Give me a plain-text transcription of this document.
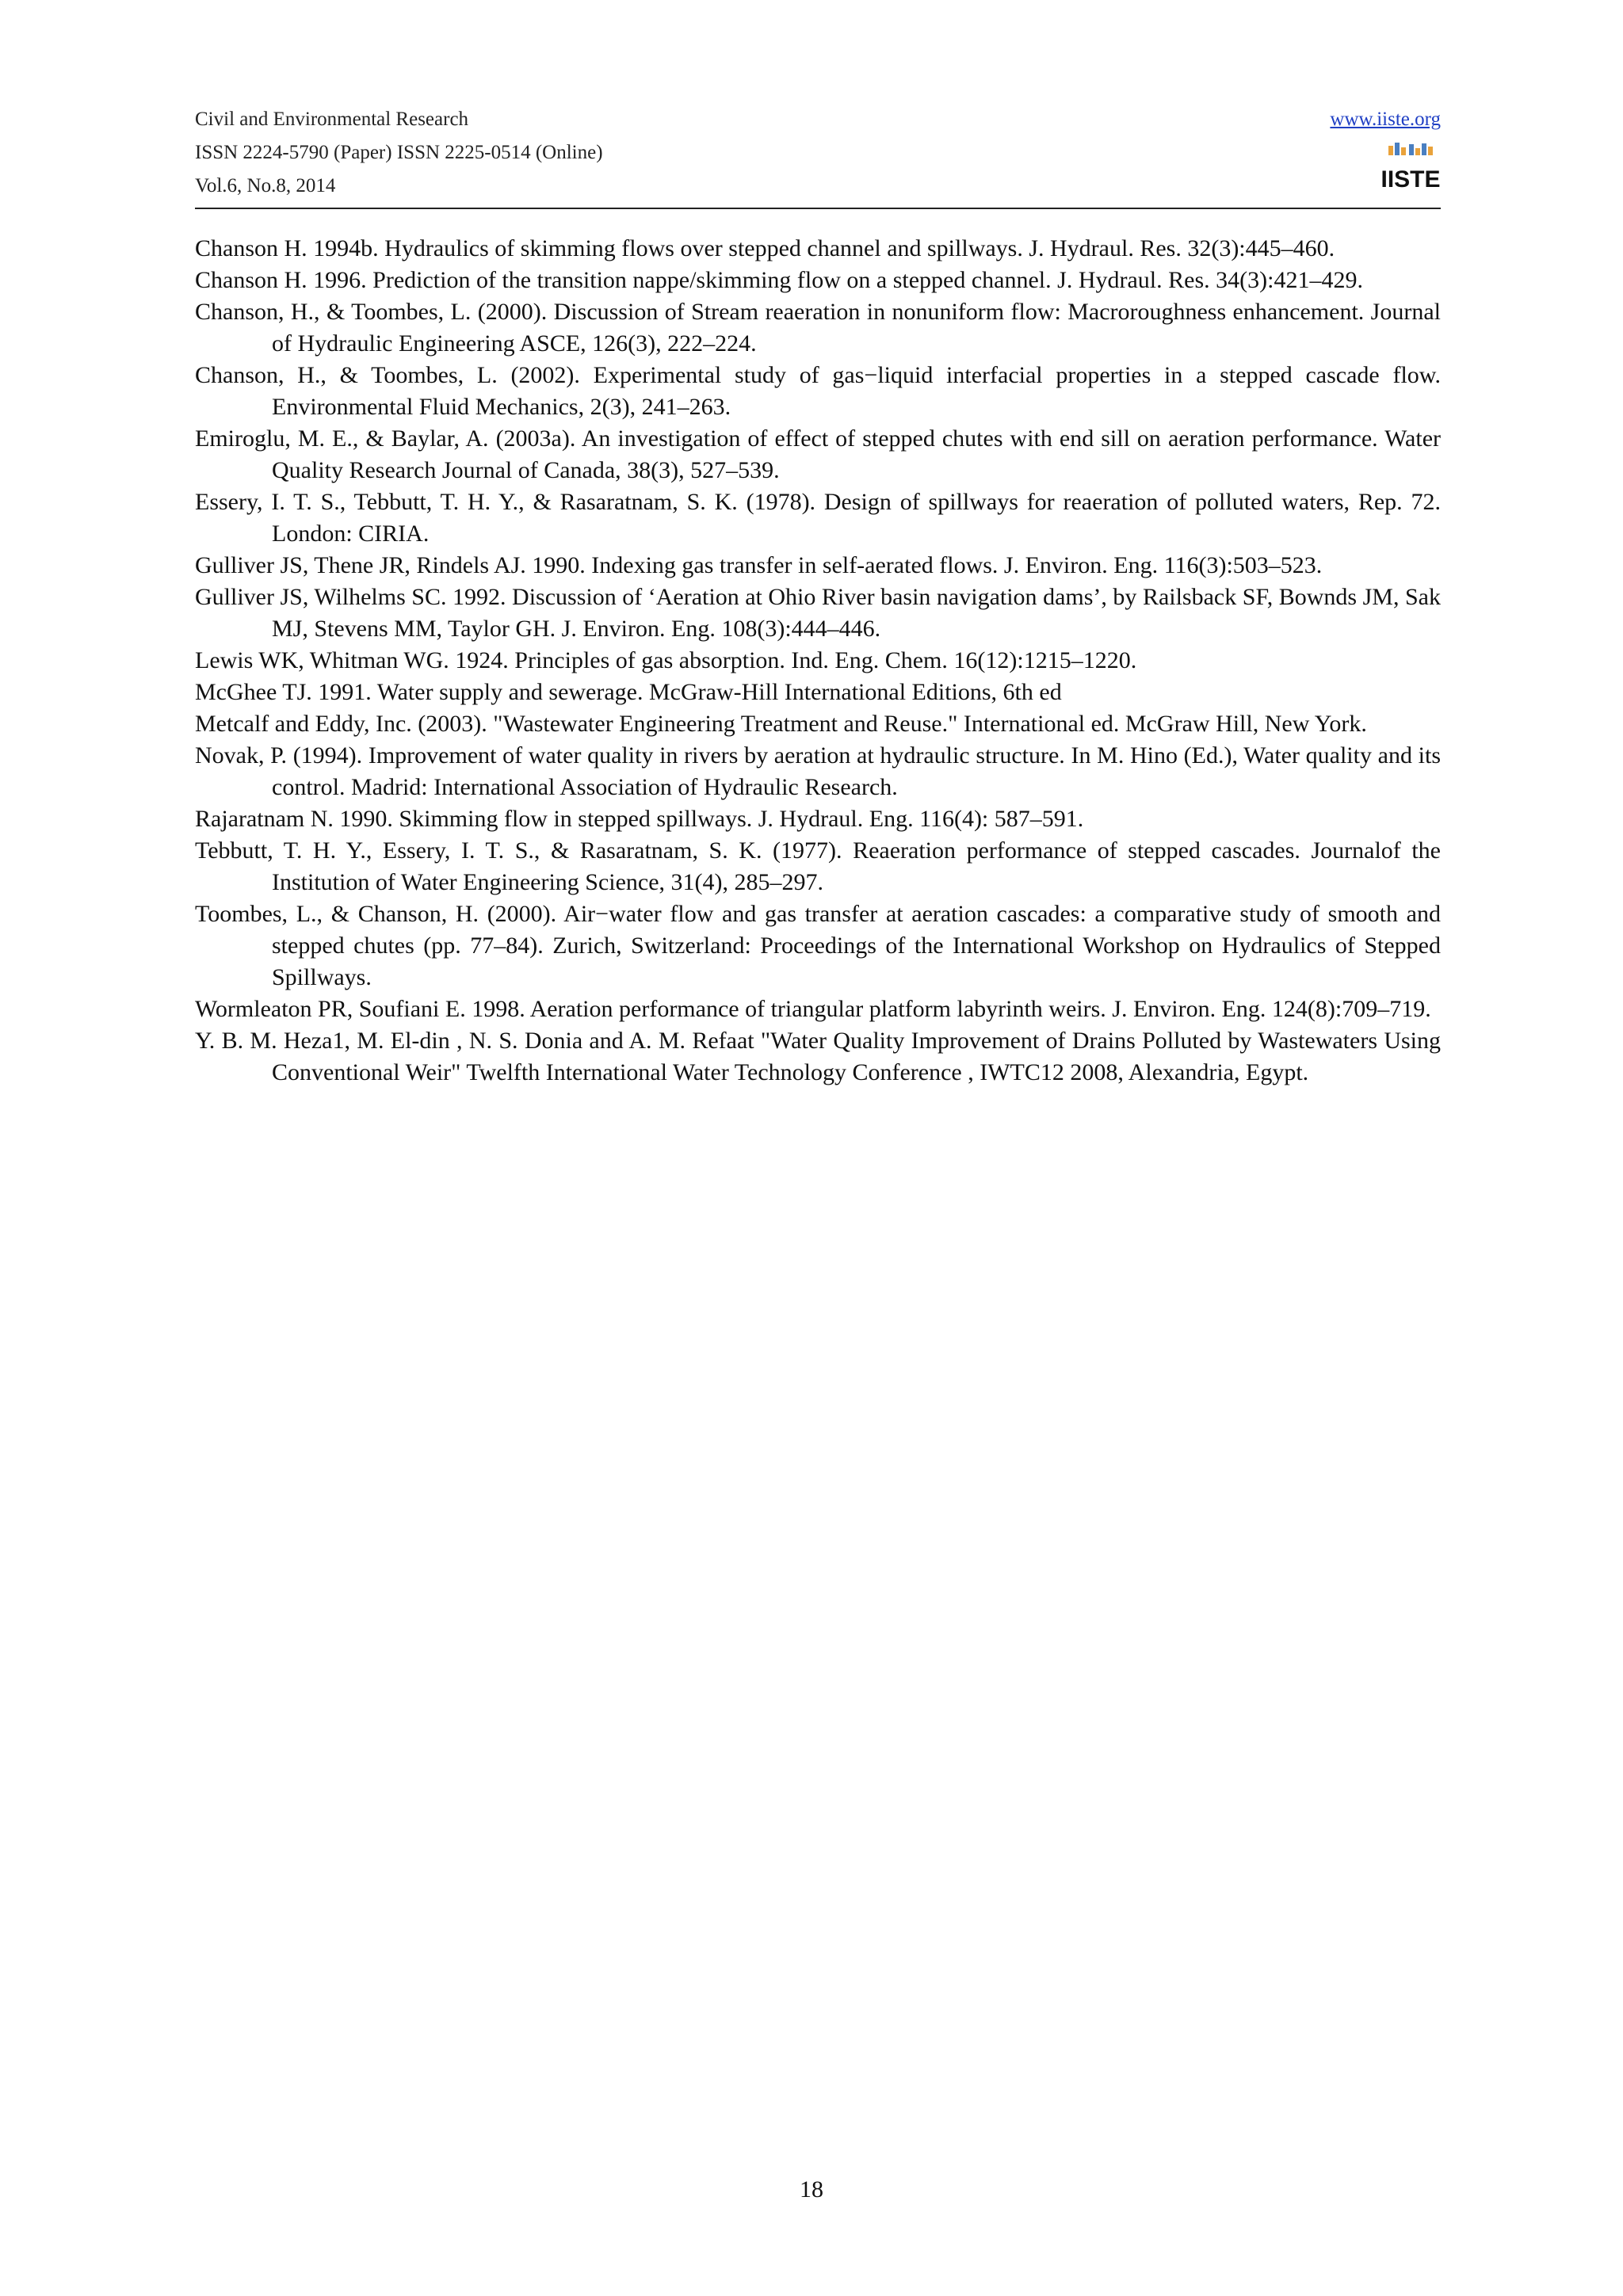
Civil and Environmental Research
ISSN 2224-5790 (Paper) ISSN 2225-0514 (Online)
Vol.6, No.8, 2014
www.iiste.org
IISTE
Chanson H. 1994b. Hydraulics of skimming flows over stepped channel and spillways. J. Hydraul. Res. 32(3):445–460.
Chanson H. 1996. Prediction of the transition nappe/skimming flow on a stepped channel. J. Hydraul. Res. 34(3):421–429.
Chanson, H., & Toombes, L. (2000). Discussion of Stream reaeration in nonuniform flow: Macroroughness enhancement. Journal of Hydraulic Engineering ASCE, 126(3), 222–224.
Chanson, H., & Toombes, L. (2002). Experimental study of gas−liquid interfacial properties in a stepped cascade flow. Environmental Fluid Mechanics, 2(3), 241–263.
Emiroglu, M. E., & Baylar, A. (2003a). An investigation of effect of stepped chutes with end sill on aeration performance. Water Quality Research Journal of Canada, 38(3), 527–539.
Essery, I. T. S., Tebbutt, T. H. Y., & Rasaratnam, S. K. (1978). Design of spillways for reaeration of polluted waters, Rep. 72. London: CIRIA.
Gulliver JS, Thene JR, Rindels AJ. 1990. Indexing gas transfer in self-aerated flows. J. Environ. Eng. 116(3):503–523.
Gulliver JS, Wilhelms SC. 1992. Discussion of ‘Aeration at Ohio River basin navigation dams’, by Railsback SF, Bownds JM, Sak MJ, Stevens MM, Taylor GH. J. Environ. Eng. 108(3):444–446.
Lewis WK, Whitman WG. 1924. Principles of gas absorption. Ind. Eng. Chem. 16(12):1215–1220.
McGhee TJ. 1991. Water supply and sewerage. McGraw-Hill International Editions, 6th ed
Metcalf and Eddy, Inc. (2003). "Wastewater Engineering Treatment and Reuse." International ed. McGraw Hill, New York.
Novak, P. (1994). Improvement of water quality in rivers by aeration at hydraulic structure. In M. Hino (Ed.), Water quality and its control. Madrid: International Association of Hydraulic Research.
Rajaratnam N. 1990. Skimming flow in stepped spillways. J. Hydraul. Eng. 116(4): 587–591.
Tebbutt, T. H. Y., Essery, I. T. S., & Rasaratnam, S. K. (1977). Reaeration performance of stepped cascades. Journalof the Institution of Water Engineering Science, 31(4), 285–297.
Toombes, L., & Chanson, H. (2000). Air−water flow and gas transfer at aeration cascades: a comparative study of smooth and stepped chutes (pp. 77–84). Zurich, Switzerland: Proceedings of the International Workshop on Hydraulics of Stepped Spillways.
Wormleaton PR, Soufiani E. 1998. Aeration performance of triangular platform labyrinth weirs. J. Environ. Eng. 124(8):709–719.
Y. B. M. Heza1, M. El-din , N. S. Donia and A. M. Refaat "Water Quality Improvement of Drains Polluted by Wastewaters Using Conventional Weir" Twelfth International Water Technology Conference , IWTC12 2008, Alexandria, Egypt.
18
